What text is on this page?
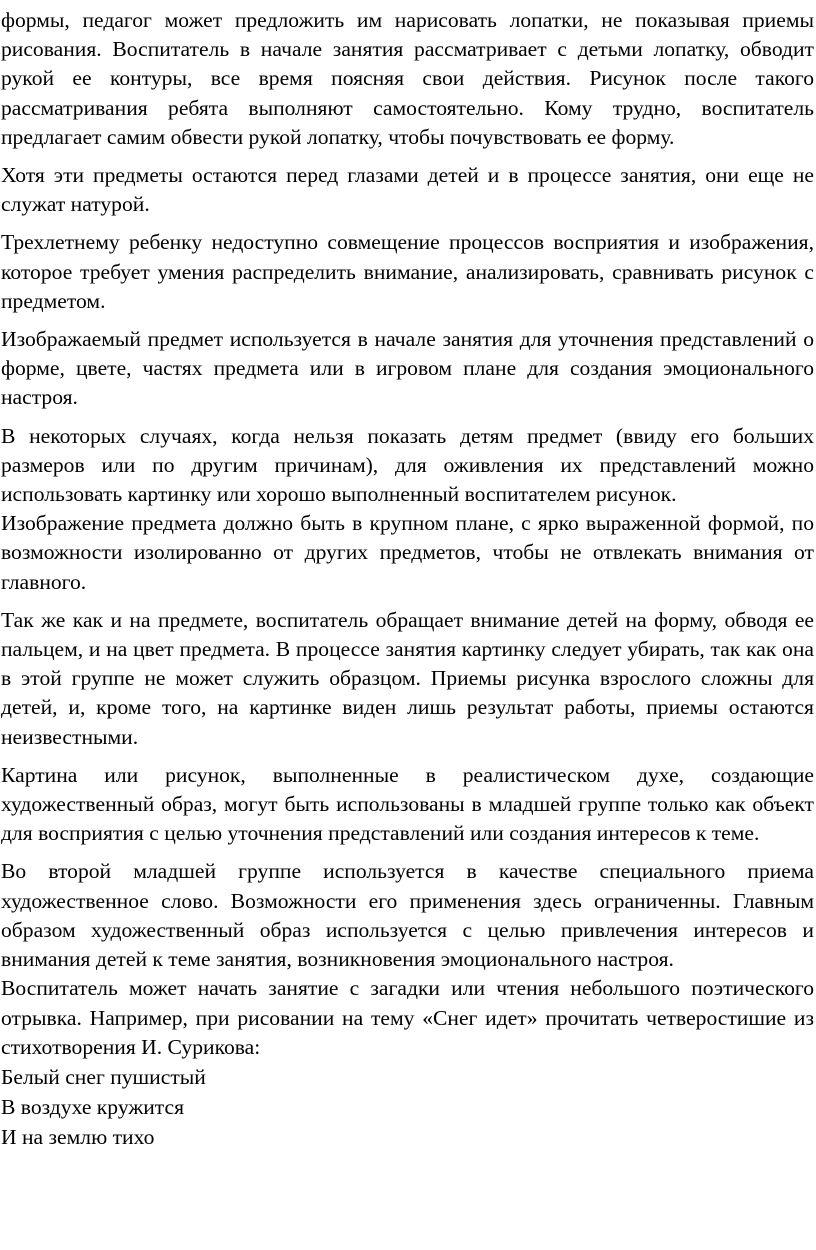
формы, педагог может предложить им нарисовать лопатки, не показывая приемы рисования. Воспитатель в начале занятия рассматривает с детьми лопатку, обводит рукой ее контуры, все время поясняя свои действия. Рисунок после такого рассматривания ребята выполняют самостоятельно. Кому трудно, воспитатель предлагает самим обвести рукой лопатку, чтобы почувствовать ее форму.

Хотя эти предметы остаются перед глазами детей и в процессе занятия, они еще не служат натурой.

Трехлетнему ребенку недоступно совмещение процессов восприятия и изображения, которое требует умения распределить внимание, анализировать, сравнивать рисунок с предметом.

Изображаемый предмет используется в начале занятия для уточнения представлений о форме, цвете, частях предмета или в игровом плане для создания эмоционального настроя.

В некоторых случаях, когда нельзя показать детям предмет (ввиду его больших размеров или по другим причинам), для оживления их представлений можно использовать картинку или хорошо выполненный воспитателем рисунок.

Изображение предмета должно быть в крупном плане, с ярко выраженной формой, по возможности изолированно от других предметов, чтобы не отвлекать внимания от главного.

Так же как и на предмете, воспитатель обращает внимание детей на форму, обводя ее пальцем, и на цвет предмета. В процессе занятия картинку следует убирать, так как она в этой группе не может служить образцом. Приемы рисунка взрослого сложны для детей, и, кроме того, на картинке виден лишь результат работы, приемы остаются неизвестными.

Картина или рисунок, выполненные в реалистическом духе, создающие художественный образ, могут быть использованы в младшей группе только как объект для восприятия с целью уточнения представлений или создания интересов к теме.

Во второй младшей группе используется в качестве специального приема художественное слово. Возможности его применения здесь ограниченны. Главным образом художественный образ используется с целью привлечения интересов и внимания детей к теме занятия, возникновения эмоционального настроя.

Воспитатель может начать занятие с загадки или чтения небольшого поэтического отрывка. Например, при рисовании на тему «Снег идет» прочитать четверостишие из стихотворения И. Сурикова:

Белый снег пушистый

В воздухе кружится

И на землю тихо
